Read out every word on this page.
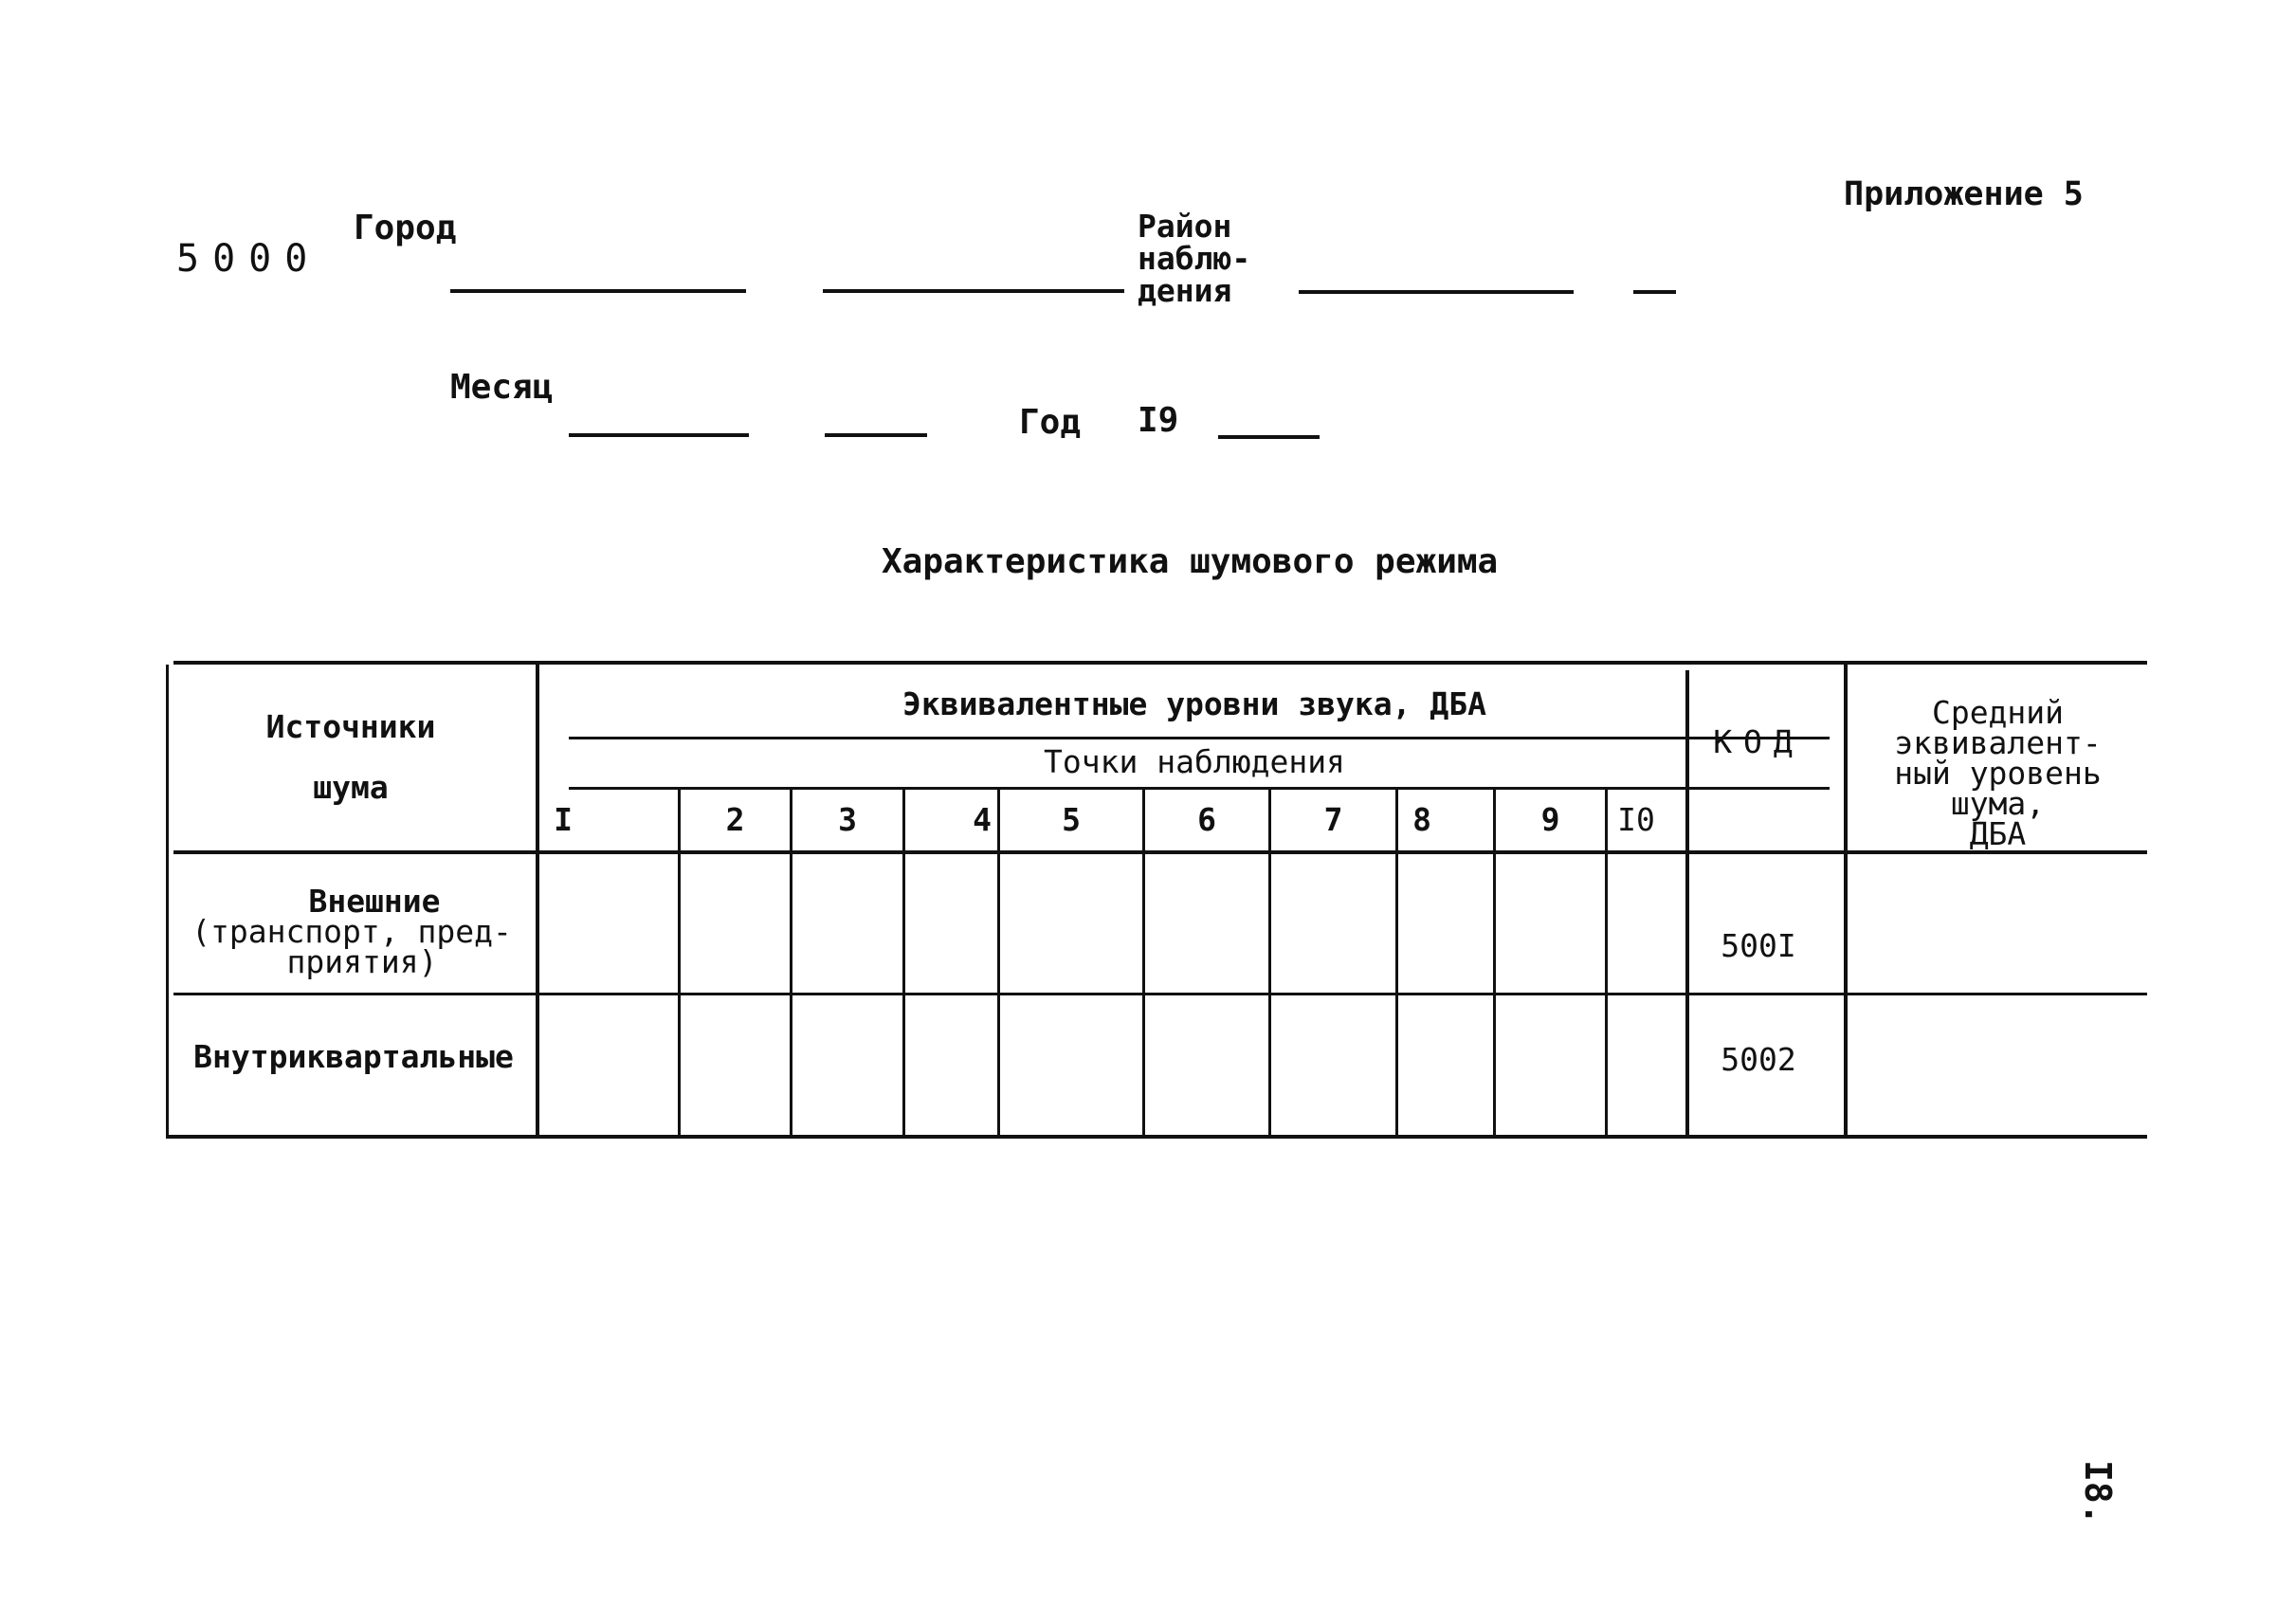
Приложение 5
5000
Город	Район
наблю-
дения
Месяц
Год I9
Характеристика шумового режима
Источники
шума
Эквивалентные уровни звука, ДБА
Точки наблюдения
КОД
Средний
эквивалент-
ный уровень
шума,
ДБА
I	2	3	4	5	6	7	8	9	I0
Внешние
(транспорт, пред-
приятия)	500I
Внутриквартальные	5002
I8.
